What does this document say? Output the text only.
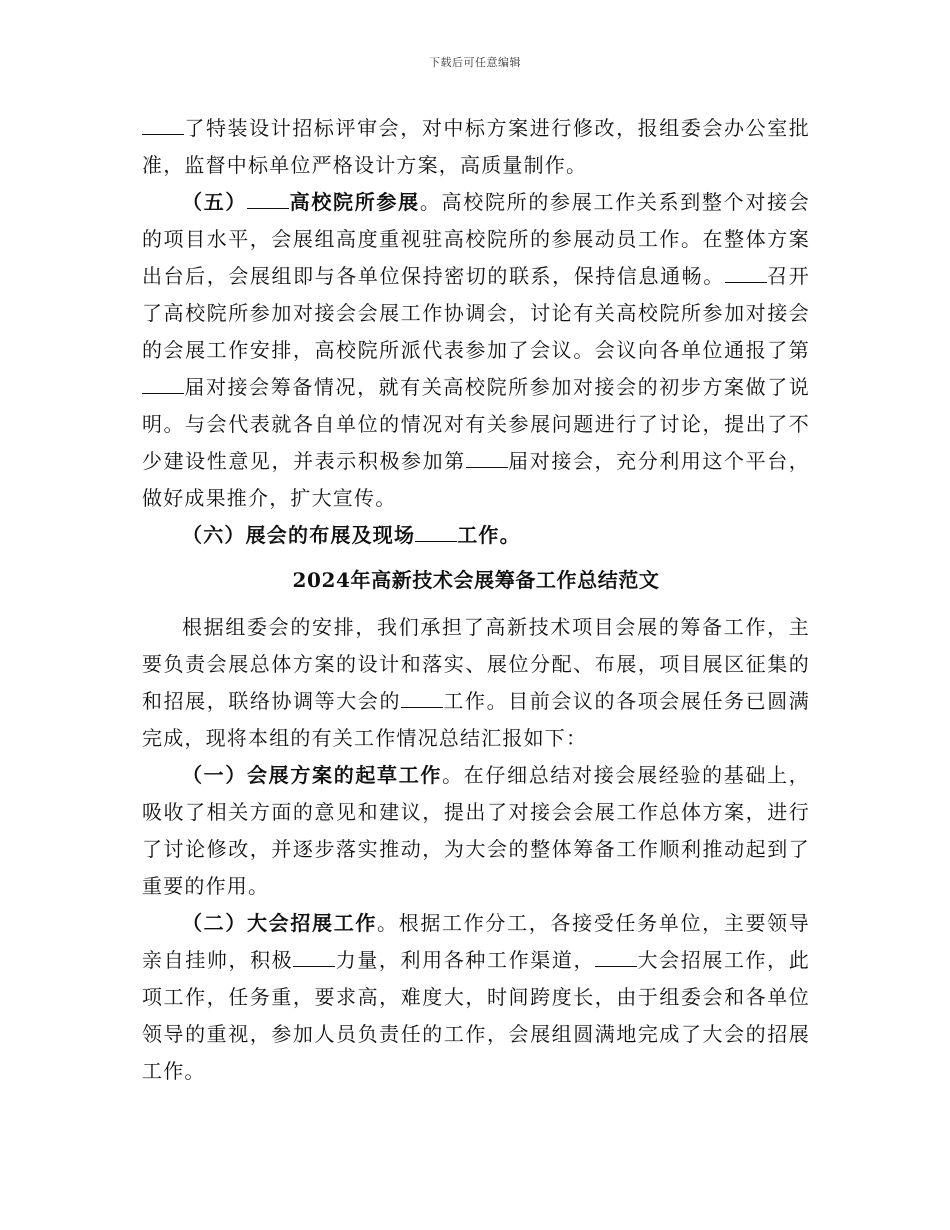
下载后可任意编辑

了特装设计招标评审会，对中标方案进行修改，报组委会办公室批准，监督中标单位严格设计方案，高质量制作。

（五） 高校院所参展。高校院所的参展工作关系到整个对接会的项目水平，会展组高度重视驻高校院所的参展动员工作。在整体方案出台后，会展组即与各单位保持密切的联系，保持信息通畅。 召开了高校院所参加对接会会展工作协调会，讨论有关高校院所参加对接会的会展工作安排，高校院所派代表参加了会议。会议向各单位通报了第届对接会筹备情况，就有关高校院所参加对接会的初步方案做了说明。与会代表就各自单位的情况对有关参展问题进行了讨论，提出了不少建设性意见，并表示积极参加第 届对接会，充分利用这个平台，做好成果推介，扩大宣传。

（六）展会的布展及现场 工作。

2024年高新技术会展筹备工作总结范文

根据组委会的安排，我们承担了高新技术项目会展的筹备工作，主要负责会展总体方案的设计和落实、展位分配、布展，项目展区征集的和招展，联络协调等大会的 工作。目前会议的各项会展任务已圆满完成，现将本组的有关工作情况总结汇报如下：

（一）会展方案的起草工作。在仔细总结对接会展经验的基础上，吸收了相关方面的意见和建议，提出了对接会会展工作总体方案，进行了讨论修改，并逐步落实推动，为大会的整体筹备工作顺利推动起到了重要的作用。

（二）大会招展工作。根据工作分工，各接受任务单位，主要领导亲自挂帅，积极 力量，利用各种工作渠道， 大会招展工作，此项工作，任务重，要求高，难度大，时间跨度长，由于组委会和各单位领导的重视，参加人员负责任的工作，会展组圆满地完成了大会的招展工作。
